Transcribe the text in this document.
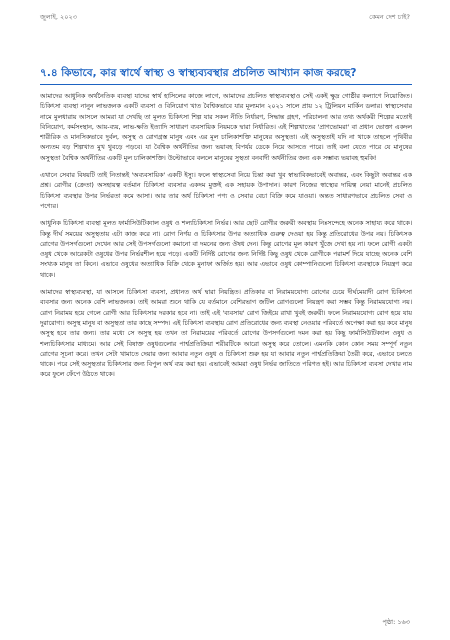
জুলাই, ২০২৩	কেমন দেশ চাই?
৭.৪ কিভাবে, কার স্বার্থে স্বাস্থ্য ও স্বাস্থ্যব্যবস্থার প্রচলিত আখ্যান কাজ করছে?

আমাদের আধুনিক অর্থনৈতিক ব্যবস্থা যাদের স্বার্থ হাসিলের কাজে লাগে, আমাদের প্রচলিত স্বাস্থ্যব্যবস্থাও সেই একই ক্ষুদ্র গোষ্ঠীর কল্যাণে নিয়োজিত। চিকিৎসা ব্যবস্থা নানুন লাভজনক একটি ব্যবসা ও বিনিয়োগ খাত বৈশ্বিকভাবে যার মূল্যমান ২০২১ সালে প্রায় ১২ ট্রিলিয়ন মার্কিন ডলার। স্বাস্থ্যসেবার নামে মুলধারায় আসলে আমরা যা দেখছি তা মূলত চিকিৎসা শিল্প যার সকল নীতি নির্ধারণ, সিদ্ধান্ত গ্রহণ, পরিচালনা আর তথ্য অর্থকরী শিল্পের মতোই বিনিয়োগ, কর্মসংস্থান, আয়-ব্যয়, লাভ-ক্ষতি ইত্যাদি সাধারণ ব্যবসায়িক নিয়মকে দ্বারা নির্ধারিত। এই শিল্পখাতের 'প্রাণভোমরা' বা প্রধান ভোক্তা একদল শারীরিক ও মানসিকভাবে দুর্বল, অসুস্থ ও রোগগ্রস্ত মানুষ এবং এর মূল চালিকাশক্তি মানুষের অসুস্থতা। এই অসুস্থতাই যদি না থাকে তাহলে পৃথিবীর অন্যতম বড় শিল্পখাত মুখ থুবড়ে পড়বে। যা বৈশ্বিক অর্থনীতির জন্য ভয়াবহ বিপর্যয় ডেকে নিয়ে আসতে পারে। তাই বলা যেতে পারে যে মানুষের অসুস্থতা বৈশ্বিক অর্থনীতির একটি মূল চালিকাশক্তি। উল্টোভাবে বললে মানুষের সুস্থতা বনবাদী অর্থনীতির জন্য এক সম্ভাব্য ভয়াবহ হুমকি!

এখানে সেবার বিষয়টি তাই নিতান্তই 'অব্যবসায়িক' একটি ইস্যু। ফলে স্বাস্থ্যসেবা নিয়ে চিন্তা করা খুব স্বাভাবিকভাবেই অবান্তর, এবং কিছুটা অবান্তর এক প্রশ্ন। রোগীর (ক্রেতা) অসহায়ত্ব বর্তমান চিকিৎসা ব্যবসার একদম মুক্তই এক সহায়ক উপাদান। কারণ নিজের স্বাস্থ্যের দায়িত্ব নেয়া মানেই প্রচলিত চিকিৎসা ব্যবস্থার উপর নির্ভরতা কমে আসা। আর তার অর্থ চিকিৎসা পণ্য ও সেবার বেচা বিক্রি কমে যাওয়া। অন্তত সাধারণভাবে প্রচলিত সেবা ও পণ্যের।

আধুনিক চিকিৎসা ব্যবস্থা মূলত ফার্মাসিউটিক্যাল ওষুধ ও শল্যচিকিৎসা নির্ভর। আর ছোট রোগীর জরুরী অবস্থায় নিঃসন্দেহে অনেক সাহায্য করে থাকে। কিন্তু দীর্ঘ সময়ের অসুস্থতায় এটা কাজ করে না। রোগ নির্ণয় ও চিকিৎসার উপর অত্যাধিক গুরুত্ব দেওয়া হয় কিন্তু প্রতিরোধের উপর নয়। চিকিৎসক রোগের উপসর্গগুলো দেখেন আর সেই উপসর্গগুলো কমানো বা দমনের জন্য ঔষধ দেন। কিন্তু রোগের মূল কারণ খুঁজে দেখা হয় না। ফলে রোগী একটা ওষুধ থেকে আরেকটা ওষুধের উপর নির্ভরশীল হয়ে পড়ে। একটি নির্দিষ্ট রোগের জন্য নির্দিষ্ট কিছু ওষুধ থেকে রোগীকে পরামর্শ দিয়ে যাচ্ছে অনেক বেশি সংখ্যক মানুষ তা কিনে। এভাবে ওষুধের অত্যাধিক বিক্রি থেকে মুনাফা অর্জিত হয়। আর এভাবে ওষুধ কোম্পানিগুলো চিকিৎসা ব্যবস্থাকে নিয়ন্ত্রণ করে থাকে।

আমাদের স্বাস্থ্যব্যবস্থা, যা আসলে চিকিৎসা ব্যবসা, প্রধানত অর্থ দ্বারা নিয়ন্ত্রিত। প্রতিকার বা নিরাময়যোগ্য রোগের চেয়ে দীর্ঘমেয়াদী রোগ চিকিৎসা ব্যবসার জন্য অনেক বেশি লাভজনক। তাই আমরা শুনে থাকি যে বর্তমানে বেশিরভাগ জটিল রোগগুলো নিয়ন্ত্রণ করা সম্ভব কিন্তু নিরাময়যোগ্য নয়। রোগ নিরাময় হয়ে গেলে রোগী আর চিকিৎসার দরকার হবে না। তাই এই 'ব্যবসায়' রোগ জিইয়ে রাখা খুবই জরুরী। ফলে নিরাময়যোগ্য রোগ হয়ে যায় দুরারোগ্য। অসুস্থ মানুষ বা অসুস্থতা তার কাছে সম্পদ। এই চিকিৎসা ব্যবস্থায় রোগ প্রতিরোধের জন্য ব্যবস্থা নেওয়ার পরিবর্তে অপেক্ষা করা হয় কবে মানুষ অসুস্থ হবে তার জন্য। তার মধ্যে সে অসুস্থ হয় তখন তা নিরাময়ের পরিবর্তে রোগের উপসর্গগুলো দমন করা হয় কিছু ফার্মাসিউটিক্যাল ওষুধ ও শল্যচিকিৎসার মাধ্যমে। আর সেই বিষাক্ত ওষুধগুলোর পার্শ্বপ্রতিক্রিয়া শরীরটিকে আরো অসুস্থ করে তোলে। এমনকি কোন কোন সময় সম্পূর্ণ নতুন রোগের সূচনা করে। তখন সেটা খামাতে দেয়ার জন্য আবার নতুন ওষুধ ও চিকিৎসা শুরু হয় যা আবার নতুন পার্শ্বপ্রতিক্রিয়া তৈরী করে, এভাবে চলতে থাকে। পরে সেই অসুস্থতার চিকিৎসার জন্য বিপুল অর্থ ব্যয় করা হয়। এভাবেই আমরা ওষুধ নির্ভর জাতিতে পরিণত হই। আর চিকিৎসা ব্যবসা দেখার নাম করে ফুলে ফেঁপে উঠতে থাকে।

পৃষ্ঠা: ১৬৩
